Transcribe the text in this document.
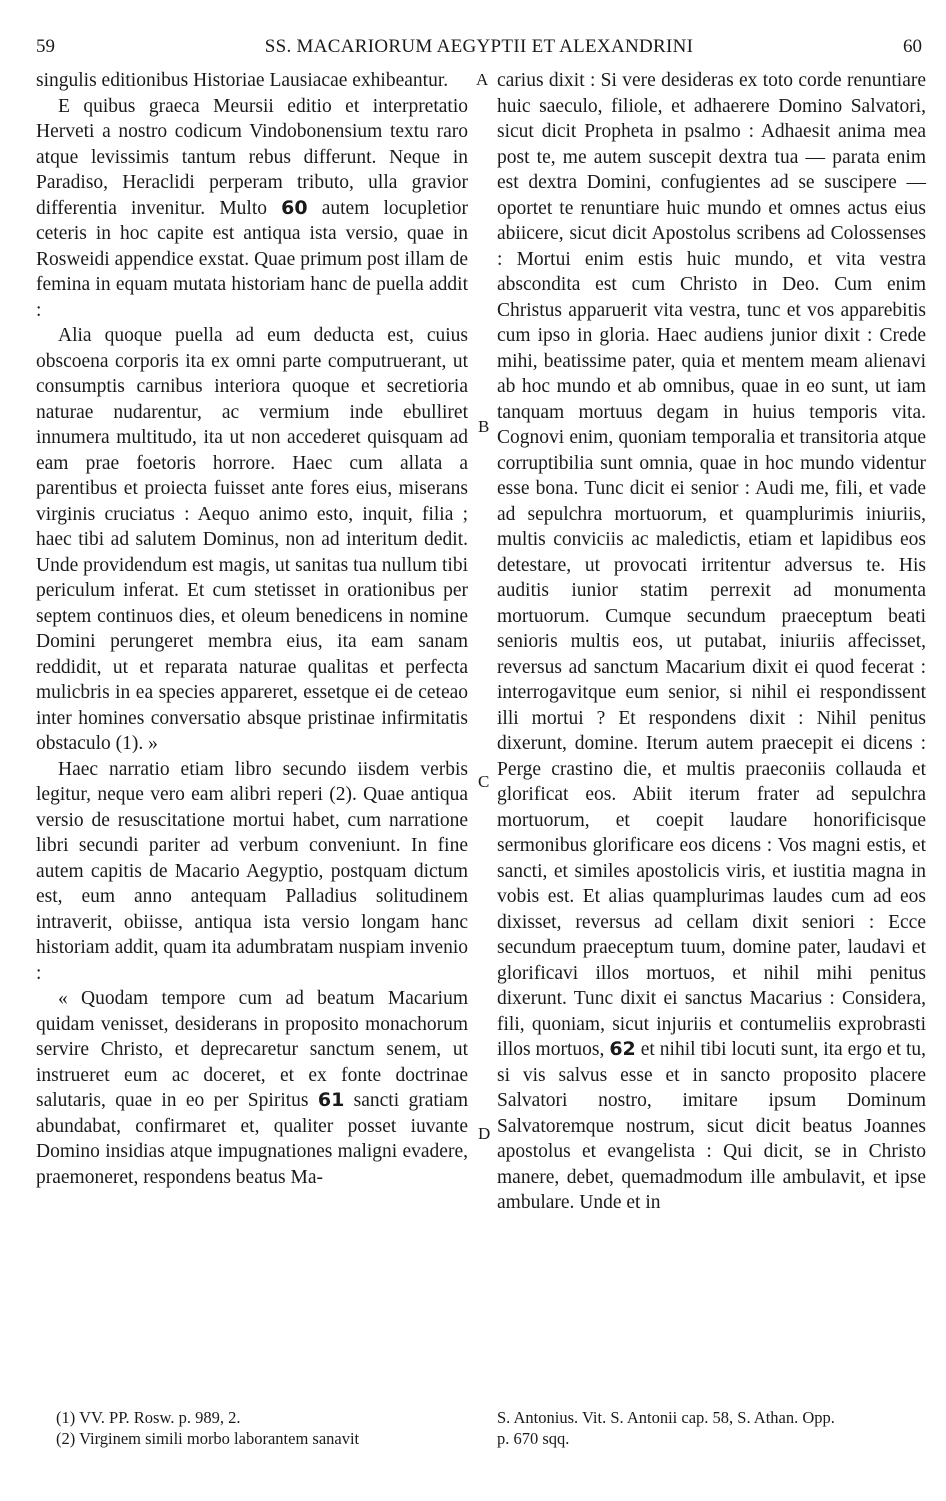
59	SS. MACARIORUM AEGYPTII ET ALEXANDRINI	60

singulis editionibus Historiae Lausiacae exhibeantur.

E quibus graeca Meursii editio et interpretatio Herveti a nostro codicum Vindobonensium textu raro atque levissimis tantum rebus differunt. Neque in Paradiso, Heraclidi perperam tributo, ulla gravior differentia invenitur. Multo 60 autem locupletior ceteris in hoc capite est antiqua ista versio, quae in Rosweidi appendice exstat. Quae primum post illam de femina in equam mutata historiam hanc de puella addit :

Alia quoque puella ad eum deducta est, cuius obscoena corporis ita ex omni parte computruerant, ut consumptis carnibus interiora quoque et secretioria naturae nudarentur, ac vermium inde ebulliret innumera multitudo, ita ut non accederet quisquam ad eam prae foetoris horrore. Haec cum allata a parentibus et proiecta fuisset ante fores eius, miserans virginis cruciatus : Aequo animo esto, inquit, filia ; haec tibi ad salutem Dominus, non ad interitum dedit. Unde providendum est magis, ut sanitas tua nullum tibi periculum inferat. Et cum stetisset in orationibus per septem continuos dies, et oleum benedicens in nomine Domini perungeret membra eius, ita eam sanam reddidit, ut et reparata naturae qualitas et perfecta mulicbris in ea species appareret, essetque ei de ceteao inter homines conversatio absque pristinae infirmitatis obstaculo (1). »

Haec narratio etiam libro secundo iisdem verbis legitur, neque vero eam alibri reperi (2). Quae antiqua versio de resuscitatione mortui habet, cum narratione libri secundi pariter ad verbum conveniunt. In fine autem capitis de Macario Aegyptio, postquam dictum est, eum anno antequam Palladius solitudinem intraverit, obiisse, antiqua ista versio longam hanc historiam addit, quam ita adumbratam nuspiam invenio :

« Quodam tempore cum ad beatum Macarium quidam venisset, desiderans in proposito monachorum servire Christo, et deprecaretur sanctum senem, ut instrueret eum ac doceret, et ex fonte doctrinae salutaris, quae in eo per Spiritus 61 sancti gratiam abundabat, confirmaret et, qualiter posset iuvante Domino insidias atque impugnationes maligni evadere, praemoneret, respondens beatus Ma-

A
B
C
D

carius dixit : Si vere desideras ex toto corde renuntiare huic saeculo, filiole, et adhaerere Domino Salvatori, sicut dicit Propheta in psalmo : Adhaesit anima mea post te, me autem suscepit dextra tua — parata enim est dextra Domini, confugientes ad se suscipere — oportet te renuntiare huic mundo et omnes actus eius abiicere, sicut dicit Apostolus scribens ad Colossenses : Mortui enim estis huic mundo, et vita vestra abscondita est cum Christo in Deo. Cum enim Christus apparuerit vita vestra, tunc et vos apparebitis cum ipso in gloria. Haec audiens junior dixit : Crede mihi, beatissime pater, quia et mentem meam alienavi ab hoc mundo et ab omnibus, quae in eo sunt, ut iam tanquam mortuus degam in huius temporis vita. Cognovi enim, quoniam temporalia et transitoria atque corruptibilia sunt omnia, quae in hoc mundo videntur esse bona. Tunc dicit ei senior : Audi me, fili, et vade ad sepulchra mortuorum, et quamplurimis iniuriis, multis conviciis ac maledictis, etiam et lapidibus eos detestare, ut provocati irritentur adversus te. His auditis iunior statim perrexit ad monumenta mortuorum. Cumque secundum praeceptum beati senioris multis eos, ut putabat, iniuriis affecisset, reversus ad sanctum Macarium dixit ei quod fecerat : interrogavitque eum senior, si nihil ei respondissent illi mortui ? Et respondens dixit : Nihil penitus dixerunt, domine. Iterum autem praecepit ei dicens : Perge crastino die, et multis praeconiis collauda et glorificat eos. Abiit iterum frater ad sepulchra mortuorum, et coepit laudare honorificisque sermonibus glorificare eos dicens : Vos magni estis, et sancti, et similes apostolicis viris, et iustitia magna in vobis est. Et alias quamplurimas laudes cum ad eos dixisset, reversus ad cellam dixit seniori : Ecce secundum praeceptum tuum, domine pater, laudavi et glorificavi illos mortuos, et nihil mihi penitus dixerunt. Tunc dixit ei sanctus Macarius : Considera, fili, quoniam, sicut injuriis et contumeliis exprobrasti illos mortuos, 62 et nihil tibi locuti sunt, ita ergo et tu, si vis salvus esse et in sancto proposito placere Salvatori nostro, imitare ipsum Dominum Salvatoremque nostrum, sicut dicit beatus Joannes apostolus et evangelista : Qui dicit, se in Christo manere, debet, quemadmodum ille ambulavit, et ipse ambulare. Unde et in

(1) VV. PP. Rosw. p. 989, 2.
(2) Virginem simili morbo laborantem sanavit
S. Antonius. Vit. S. Antonii cap. 58, S. Athan. Opp.
p. 670 sqq.
